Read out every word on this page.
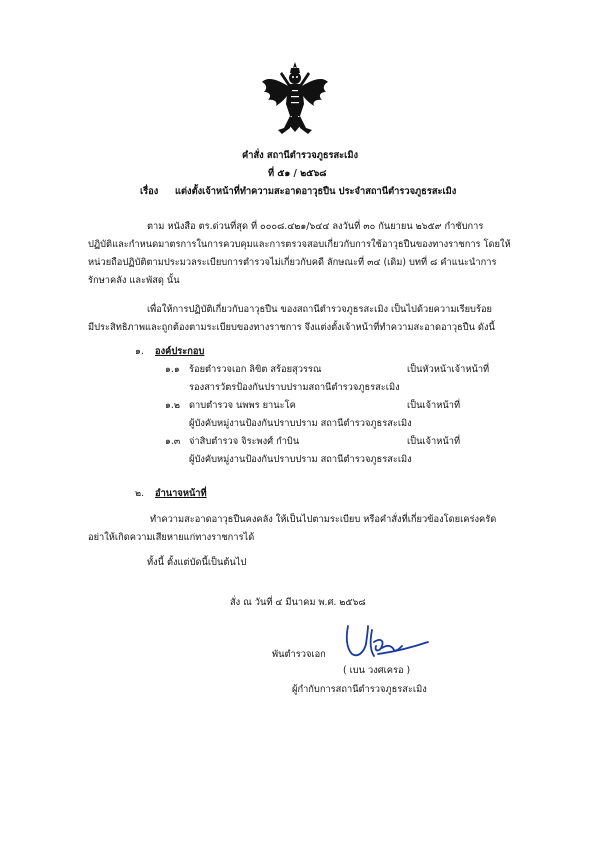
คำสั่ง สถานีตำรวจภูธรสะเมิง
ที่ ๕๑ / ๒๕๖๘
เรื่อง แต่งตั้งเจ้าหน้าที่ทำความสะอาดอาวุธปืน ประจำสถานีตำรวจภูธรสะเมิง
ตาม หนังสือ ตร.ด่วนที่สุด ที่ ๐๐๐๘.๔๒๑/๖๔๔ ลงวันที่ ๓๐ กันยายน ๒๖๕๙ กำชับการ
ปฏิบัติและกำหนดมาตรการในการควบคุมและการตรวจสอบเกี่ยวกับการใช้อาวุธปืนของทางราชการ โดยให้
หน่วยถือปฏิบัติตามประมวลระเบียบการตำรวจไม่เกี่ยวกับคดี ลักษณะที่ ๓๔ (เดิม) บทที่ ๘ คำแนะนำการ
รักษาคลัง และพัสดุ นั้น
เพื่อให้การปฏิบัติเกี่ยวกับอาวุธปืน ของสถานีตำรวจภูธรสะเมิง เป็นไปด้วยความเรียบร้อย
มีประสิทธิภาพและถูกต้องตามระเบียบของทางราชการ จึงแต่งตั้งเจ้าหน้าที่ทำความสะอาดอาวุธปืน ดังนี้
๑. องค์ประกอบ
๑.๑ ร้อยตำรวจเอก ลิขิต สร้อยสุวรรณ	เป็นหัวหน้าเจ้าหน้าที่
รองสารวัตรป้องกันปราบปรามสถานีตำรวจภูธรสะเมิง
๑.๒ ดาบตำรวจ นพพร ยานะโค	เป็นเจ้าหน้าที่
ผู้บังคับหมู่งานป้องกันปราบปราม สถานีตำรวจภูธรสะเมิง
๑.๓ จ่าสิบตำรวจ จิระพงศ์ กำบิน	เป็นเจ้าหน้าที่
ผู้บังคับหมู่งานป้องกันปราบปราม สถานีตำรวจภูธรสะเมิง
๒. อำนาจหน้าที่
ทำความสะอาดอาวุธปืนคงคลัง ให้เป็นไปตามระเบียบ หรือคำสั่งที่เกี่ยวข้องโดยเคร่งครัด
อย่าให้เกิดความเสียหายแก่ทางราชการได้
ทั้งนี้ ตั้งแต่บัดนี้เป็นต้นไป
สั่ง ณ วันที่ ๔ มีนาคม พ.ศ. ๒๕๖๘
พันตำรวจเอก
( เบน วงศเครอ )
ผู้กำกับการสถานีตำรวจภูธรสะเมิง
